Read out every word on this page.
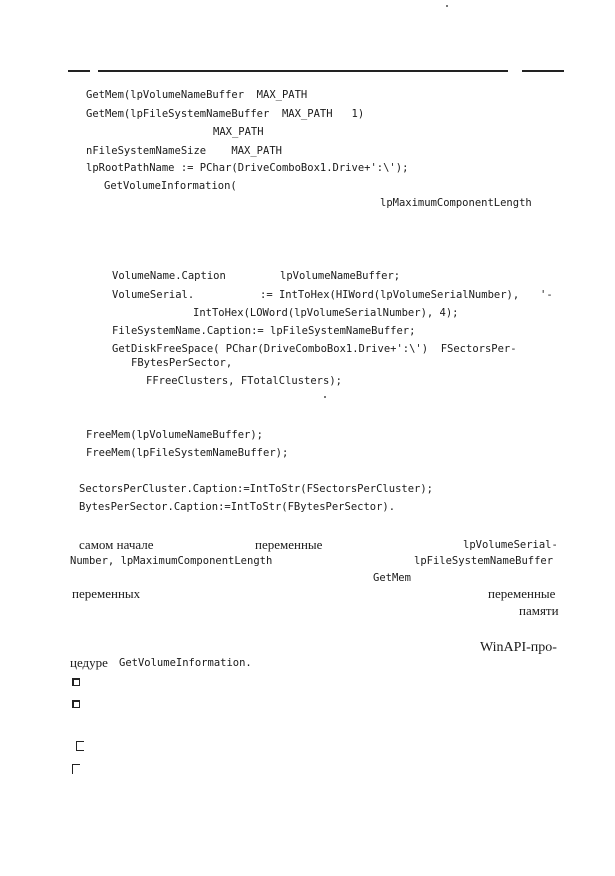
GetMem(lpVolumeNameBuffer  MAX_PATH
GetMem(lpFileSystemNameBuffer  MAX_PATH   1)
MAX_PATH
nFileSystemNameSize    MAX_PATH
lpRootPathName := PChar(DriveComboBox1.Drive+':\');
GetVolumeInformation(
lpMaximumComponentLength
VolumeName.Caption	lpVolumeNameBuffer;
VolumeSerial.	:= IntToHex(HIWord(lpVolumeSerialNumber), '-
IntToHex(LOWord(lpVolumeSerialNumber), 4);
FileSystemName.Caption:= lpFileSystemNameBuffer;
GetDiskFreeSpace( PChar(DriveComboBox1.Drive+':\')  FSectorsPer-
FBytesPerSector,
FFreeClusters, FTotalClusters);
FreeMem(lpVolumeNameBuffer);
FreeMem(lpFileSystemNameBuffer);
SectorsPerCluster.Caption:=IntToStr(FSectorsPerCluster);
BytesPerSector.Caption:=IntToStr(FBytesPerSector).
самом начале	переменные	lpVolumeSerial-
Number, lpMaximumComponentLength	lpFileSystemNameBuffer
GetMem
переменных	переменные
памяти
WinAPI-про-
цедуре GetVolumeInformation.
